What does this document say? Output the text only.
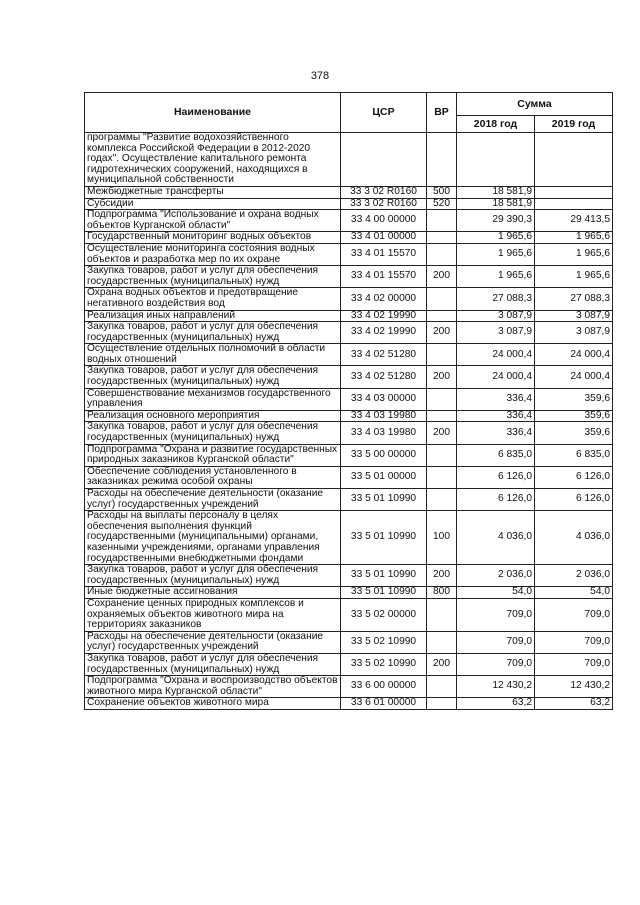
378
Наименование	ЦСР	ВР	Сумма	
			2018 год	2019 год
программы "Развитие водохозяйственного комплекса Российской Федерации в 2012-2020 годах". Осуществление капитального ремонта гидротехнических сооружений, находящихся в муниципальной собственности				
Межбюджетные трансферты	33 3 02 R0160	500	18 581,9	
Субсидии	33 3 02 R0160	520	18 581,9	
Подпрограмма "Использование и охрана водных объектов Курганской области"	33 4 00 00000		29 390,3	29 413,5
Государственный мониторинг водных объектов	33 4 01 00000		1 965,6	1 965,6
Осуществление мониторинга состояния водных объектов и разработка мер по их охране	33 4 01 15570		1 965,6	1 965,6
Закупка товаров, работ и услуг для обеспечения государственных (муниципальных) нужд	33 4 01 15570	200	1 965,6	1 965,6
Охрана водных объектов и предотвращение негативного воздействия вод	33 4 02 00000		27 088,3	27 088,3
Реализация иных направлений	33 4 02 19990		3 087,9	3 087,9
Закупка товаров, работ и услуг для обеспечения государственных (муниципальных) нужд	33 4 02 19990	200	3 087,9	3 087,9
Осуществление отдельных полномочий в области водных отношений	33 4 02 51280		24 000,4	24 000,4
Закупка товаров, работ и услуг для обеспечения государственных (муниципальных) нужд	33 4 02 51280	200	24 000,4	24 000,4
Совершенствование механизмов государственного управления	33 4 03 00000		336,4	359,6
Реализация основного мероприятия	33 4 03 19980		336,4	359,6
Закупка товаров, работ и услуг для обеспечения государственных (муниципальных) нужд	33 4 03 19980	200	336,4	359,6
Подпрограмма "Охрана и развитие государственных природных заказников Курганской области"	33 5 00 00000		6 835,0	6 835,0
Обеспечение соблюдения установленного в заказниках режима особой охраны	33 5 01 00000		6 126,0	6 126,0
Расходы на обеспечение деятельности (оказание услуг) государственных учреждений	33 5 01 10990		6 126,0	6 126,0
Расходы на выплаты персоналу в целях обеспечения выполнения функций государственными (муниципальными) органами, казенными учреждениями, органами управления государственными внебюджетными фондами	33 5 01 10990	100	4 036,0	4 036,0
Закупка товаров, работ и услуг для обеспечения государственных (муниципальных) нужд	33 5 01 10990	200	2 036,0	2 036,0
Иные бюджетные ассигнования	33 5 01 10990	800	54,0	54,0
Сохранение ценных природных комплексов и охраняемых объектов животного мира на территориях заказников	33 5 02 00000		709,0	709,0
Расходы на обеспечение деятельности (оказание услуг) государственных учреждений	33 5 02 10990		709,0	709,0
Закупка товаров, работ и услуг для обеспечения государственных (муниципальных) нужд	33 5 02 10990	200	709,0	709,0
Подпрограмма "Охрана и воспроизводство объектов животного мира Курганской области"	33 6 00 00000		12 430,2	12 430,2
Сохранение объектов животного мира	33 6 01 00000		63,2	63,2
